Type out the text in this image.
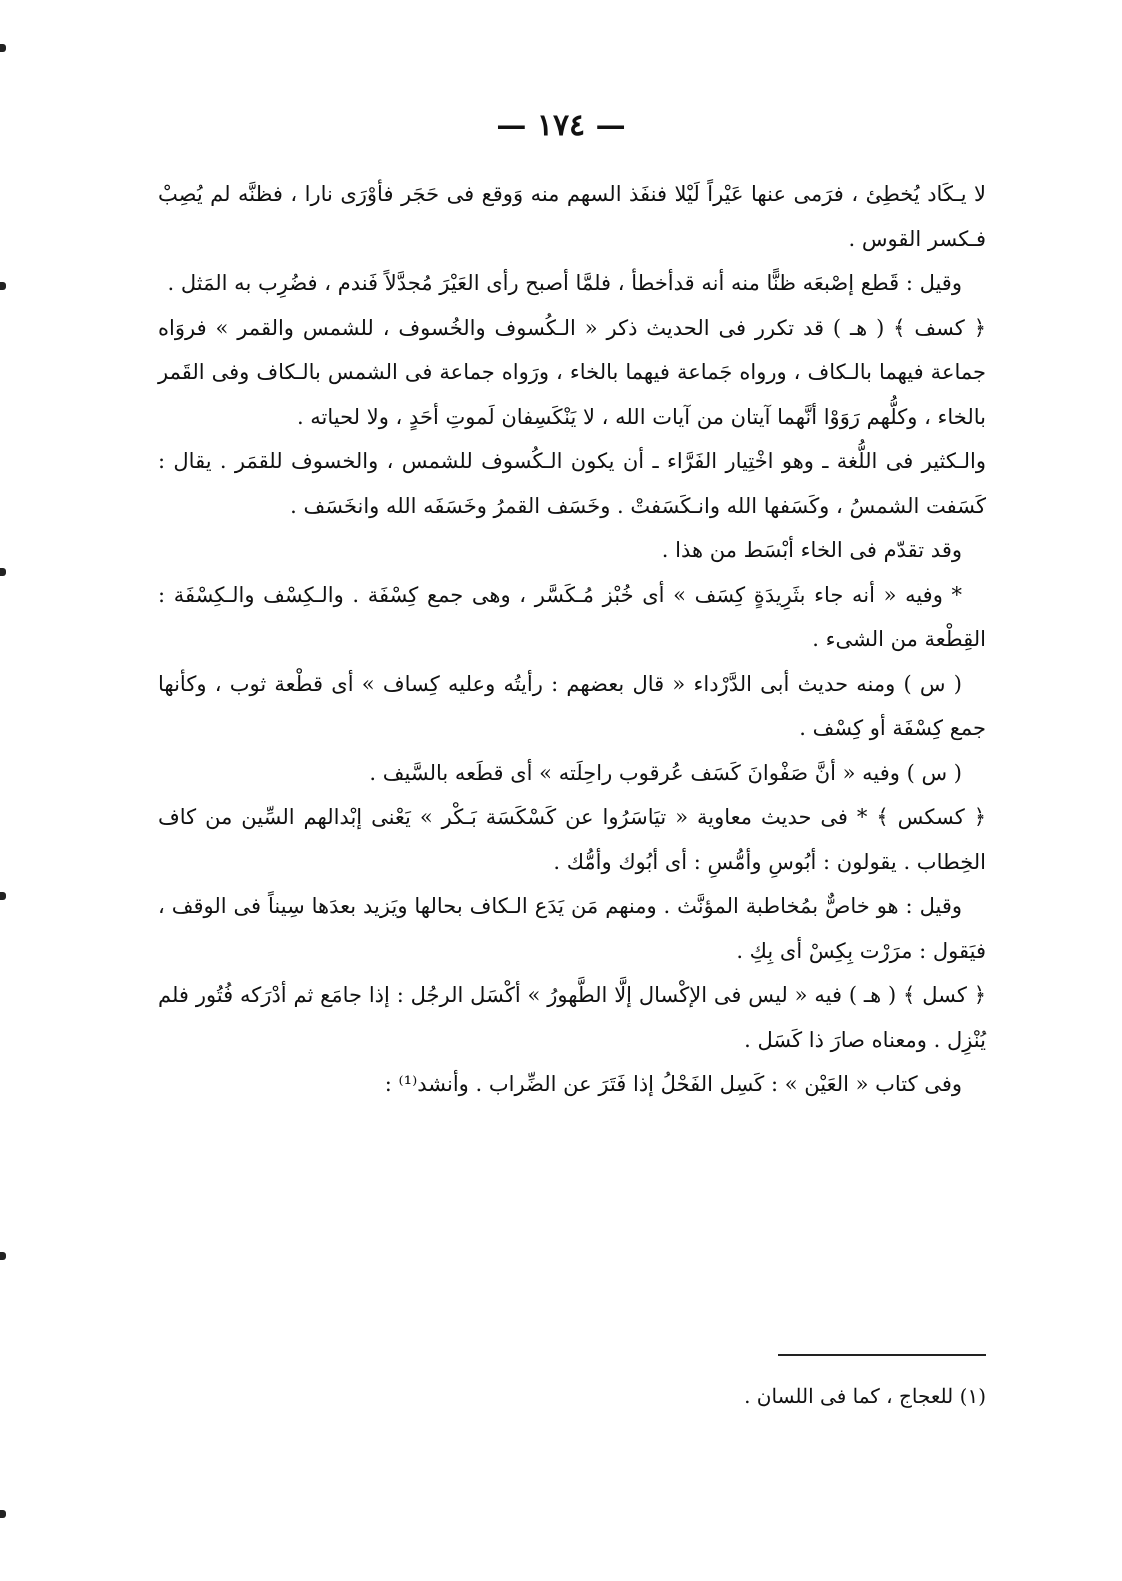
— ١٧٤ —

لا يـكَاد يُخطِئ ، فرَمى عنها عَيْراً لَيْلا فنفَذ السهم منه وَوقع فى حَجَر فأوْرَى نارا ، فظنَّه لم يُصِبْ فـكسر القوس .

وقيل : قَطع إصْبعَه ظنًّا منه أنه قدأخطأ ، فلمَّا أصبح رأى العَيْرَ مُجدَّلاً فَندم ، فضُرِب به المَثل .

﴿ كسف ﴾ ( هـ ) قد تكرر فى الحديث ذكر « الـكُسوف والخُسوف ، للشمس والقمر » فروَاه جماعة فيهما بالـكاف ، ورواه جَماعة فيهما بالخاء ، ورَواه جماعة فى الشمس بالـكاف وفى القَمر بالخاء ، وكلُّهم رَوَوْا أنَّهما آيتان من آيات الله ، لا يَنْكَسِفان لَموتِ أحَدٍ ، ولا لحياته .

والـكثير فى اللُّغة ـ وهو اخْتِيار الفَرَّاء ـ أن يكون الـكُسوف للشمس ، والخسوف للقمَر . يقال : كَسَفت الشمسُ ، وكَسَفها الله وانـكَسَفتْ . وخَسَف القمرُ وخَسَفَه الله وانخَسَف .

وقد تقدّم فى الخاء أبْسَط من هذا .

* وفيه « أنه جاء بثَرِيدَةٍ كِسَف » أى خُبْز مُـكَسَّر ، وهى جمع كِسْفَة . والـكِسْف والـكِسْفَة : القِطْعة من الشىء .

( س ) ومنه حديث أبى الدَّرْداء « قال بعضهم : رأيتُه وعليه كِساف » أى قطْعة ثوب ، وكأنها جمع كِسْفَة أو كِسْف .

( س ) وفيه « أنَّ صَفْوانَ كَسَف عُرقوب راحِلَته » أى قطَعه بالسَّيف .

﴿ كسكس ﴾ * فى حديث معاوية « تيَاسَرُوا عن كَسْكَسَة بَـكْر » يَعْنى إبْدالهم السِّين من كاف الخِطاب . يقولون : أبُوسِ وأمُّسِ : أى أبُوك وأمُّك .

وقيل : هو خاصٌّ بمُخاطبة المؤنَّث . ومنهم مَن يَدَع الـكاف بحالها ويَزيد بعدَها سِيناً فى الوقف ، فيَقول : مرَرْت بِكِسْ أى بِكِ .

﴿ كسل ﴾ ( هـ ) فيه « ليس فى الإكْسال إلَّا الطَّهورُ » أكْسَل الرجُل : إذا جامَع ثم أدْرَكه فُتُور فلم يُنْزِل . ومعناه صارَ ذا كَسَل .

وفى كتاب « العَيْن » : كَسِل الفَحْلُ إذا فَتَرَ عن الضِّراب . وأنشد⁽¹⁾ :

(١) للعجاج ، كما فى اللسان .
